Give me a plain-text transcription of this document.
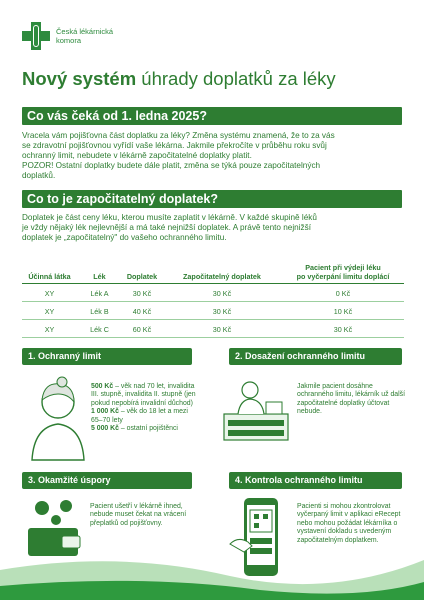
Česká lékárnická
komora
Nový systém úhrady doplatků za léky
Co vás čeká od 1. ledna 2025?
Vracela vám pojišťovna část doplatku za léky? Změna systému znamená, že to za vás
se zdravotní pojišťovnou vyřídí vaše lékárna. Jakmile překročíte v průběhu roku svůj
ochranný limit, nebudete v lékárně započitatelné doplatky platit.
POZOR! Ostatní doplatky budete dále platit, změna se týká pouze započitatelných
doplatků.
Co to je započitatelný doplatek?
Doplatek je část ceny léku, kterou musíte zaplatit v lékárně. V každé skupině léků
je vždy nějaký lék nejlevnější a má také nejnižší doplatek. A právě tento nejnižší
doplatek je „započitatelný" do vašeho ochranného limitu.
Účinná látka	Lék	Doplatek	Započitatelný doplatek
Pacient při výdeji léku
po vyčerpání limitu doplácí
XY	Lék A	30 Kč	30 Kč	0 Kč
XY	Lék B	40 Kč	30 Kč	10 Kč
XY	Lék C	60 Kč	30 Kč	30 Kč
1. Ochranný limit
500 Kč – věk nad 70 let, invalidita III. stupně, invalidita II. stupně (jen pokud nepobírá invalidní důchod)
1 000 Kč – věk do 18 let a mezi 65–70 lety
5 000 Kč – ostatní pojištěnci
2. Dosažení ochranného limitu
Jakmile pacient dosáhne ochranného limitu, lékárník už další započitatelné doplatky účtovat nebude.
3. Okamžité úspory
Pacient ušetří v lékárně ihned, nebude muset čekat na vrácení přeplatků od pojišťovny.
4. Kontrola ochranného limitu
Pacienti si mohou zkontrolovat vyčerpaný limit v aplikaci eRecept nebo mohou požádat lékárníka o vystavení dokladu s uvedeným započitatelným doplatkem.
